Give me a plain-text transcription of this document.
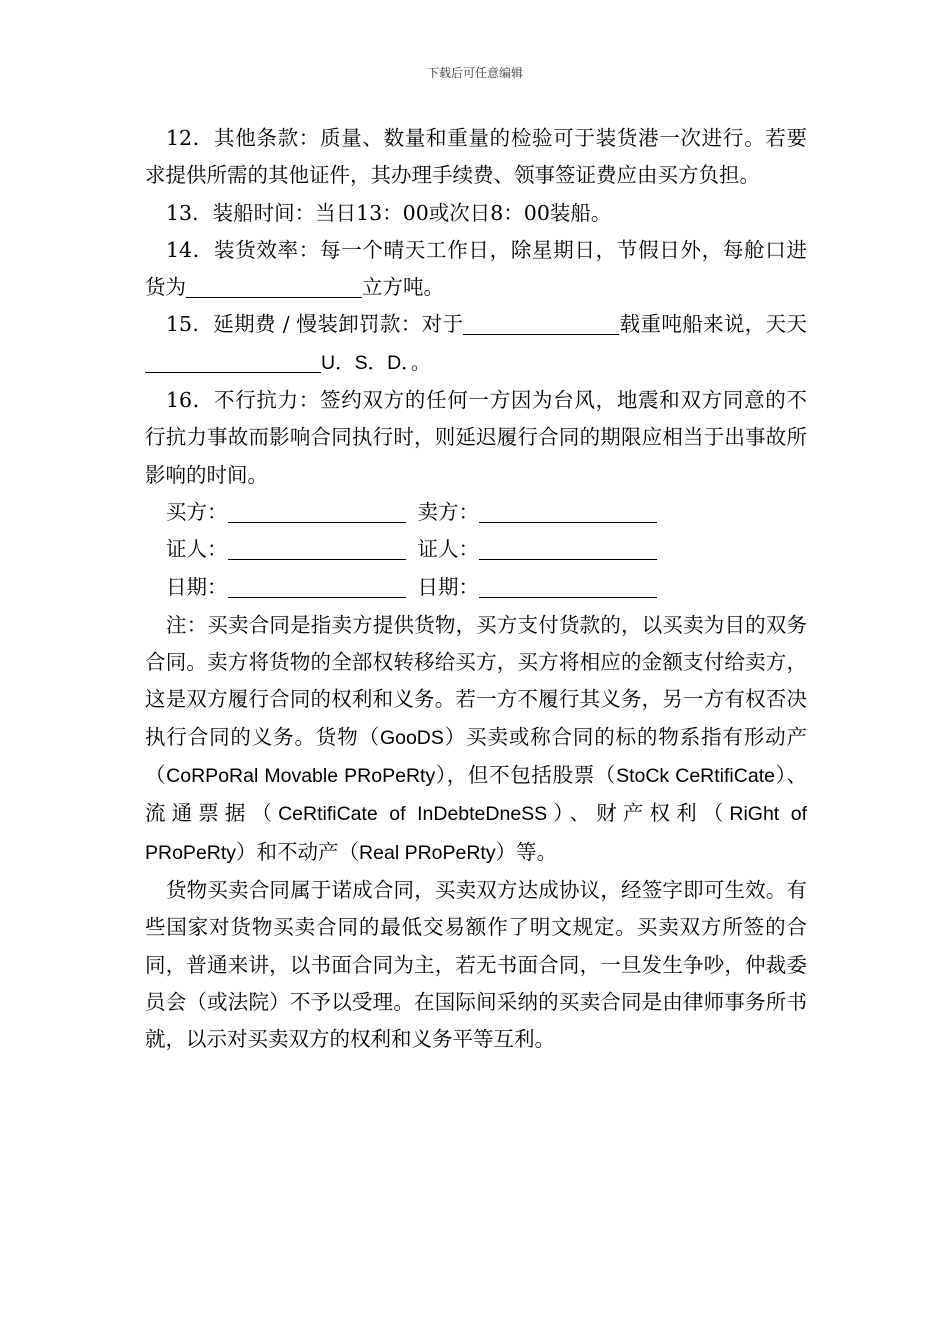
下载后可任意编辑

12．其他条款：质量、数量和重量的检验可于装货港一次进行。若要求提供所需的其他证件，其办理手续费、领事签证费应由买方负担。

13．装船时间：当日13：00或次日8：00装船。

14．装货效率：每一个晴天工作日，除星期日，节假日外，每舱口进货为	立方吨。

15．延期费 / 慢装卸罚款：对于	载重吨船来说，天天U．S．D．。

16．不行抗力：签约双方的任何一方因为台风，地震和双方同意的不行抗力事故而影响合同执行时，则延迟履行合同的期限应相当于出事故所影响的时间。

买方：	卖方：

证人：	证人：

日期：	日期：

注：买卖合同是指卖方提供货物，买方支付货款的，以买卖为目的双务合同。卖方将货物的全部权转移给买方，买方将相应的金额支付给卖方，这是双方履行合同的权利和义务。若一方不履行其义务，另一方有权否决执行合同的义务。货物（GooDS）买卖或称合同的标的物系指有形动产（CoRPoRal Movable PRoPeRty），但不包括股票（StoCk CeRtifiCate）、流通票据（CeRtifiCate of InDebteDneSS）、财产权利（RiGht of PRoPeRty）和不动产（Real PRoPeRty）等。

货物买卖合同属于诺成合同，买卖双方达成协议，经签字即可生效。有些国家对货物买卖合同的最低交易额作了明文规定。买卖双方所签的合同，普通来讲，以书面合同为主，若无书面合同，一旦发生争吵，仲裁委员会（或法院）不予以受理。在国际间采纳的买卖合同是由律师事务所书就，以示对买卖双方的权利和义务平等互利。
